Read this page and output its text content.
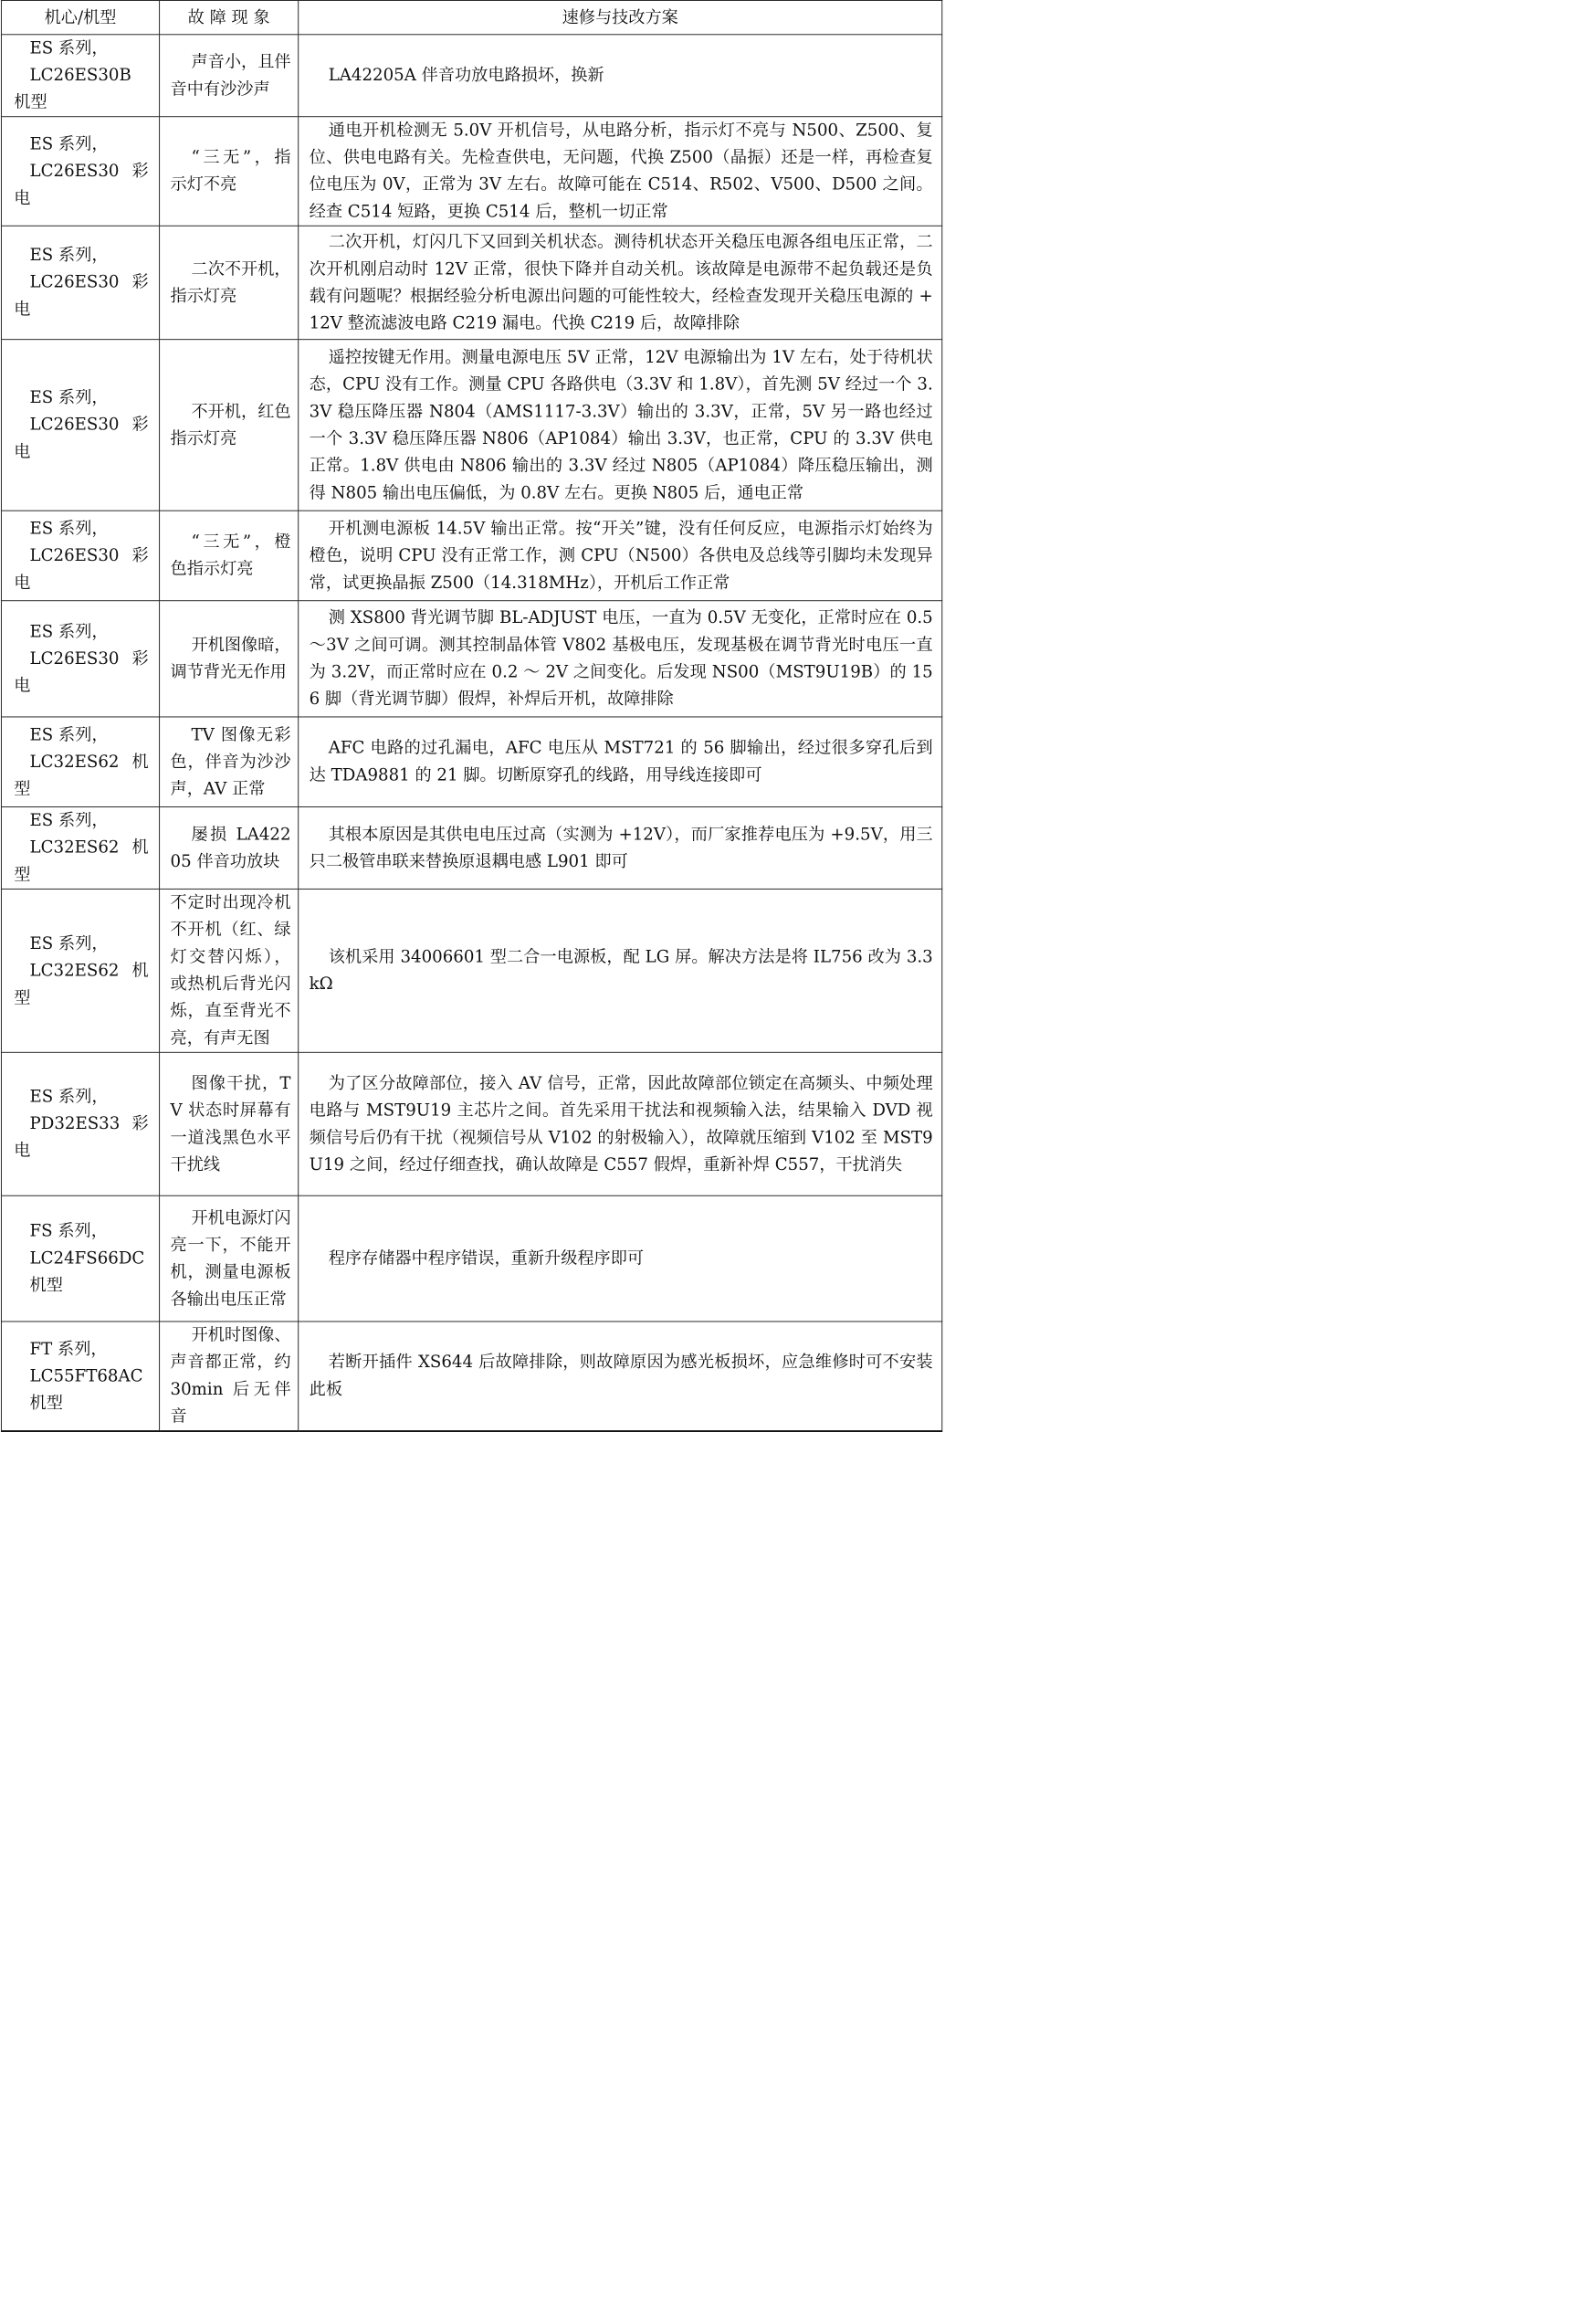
机心/机型	故 障 现 象	速修与技改方案

ES 系列，
LC26ES30B 机型	声音小，且伴音中有沙沙声	LA42205A 伴音功放电路损坏，换新

ES 系列，
LC26ES30 彩电	“三无”，指示灯不亮	通电开机检测无 5.0V 开机信号，从电路分析，指示灯不亮与 N500、Z500、复位、供电电路有关。先检查供电，无问题，代换 Z500（晶振）还是一样，再检查复位电压为 0V，正常为 3V 左右。故障可能在 C514、R502、V500、D500 之间。经查 C514 短路，更换 C514 后，整机一切正常

ES 系列，
LC26ES30 彩电	二次不开机，指示灯亮	二次开机，灯闪几下又回到关机状态。测待机状态开关稳压电源各组电压正常，二次开机刚启动时 12V 正常，很快下降并自动关机。该故障是电源带不起负载还是负载有问题呢？根据经验分析电源出问题的可能性较大，经检查发现开关稳压电源的 +12V 整流滤波电路 C219 漏电。代换 C219 后，故障排除

ES 系列，
LC26ES30 彩电	不开机，红色指示灯亮	遥控按键无作用。测量电源电压 5V 正常，12V 电源输出为 1V 左右，处于待机状态，CPU 没有工作。测量 CPU 各路供电（3.3V 和 1.8V），首先测 5V 经过一个 3.3V 稳压降压器 N804（AMS1117-3.3V）输出的 3.3V，正常，5V 另一路也经过一个 3.3V 稳压降压器 N806（AP1084）输出 3.3V，也正常，CPU 的 3.3V 供电正常。1.8V 供电由 N806 输出的 3.3V 经过 N805（AP1084）降压稳压输出，测得 N805 输出电压偏低，为 0.8V 左右。更换 N805 后，通电正常

ES 系列，
LC26ES30 彩电	“三无”，橙色指示灯亮	开机测电源板 14.5V 输出正常。按“开关”键，没有任何反应，电源指示灯始终为橙色，说明 CPU 没有正常工作，测 CPU（N500）各供电及总线等引脚均未发现异常，试更换晶振 Z500（14.318MHz），开机后工作正常

ES 系列，
LC26ES30 彩电	开机图像暗，调节背光无作用	测 XS800 背光调节脚 BL-ADJUST 电压，一直为 0.5V 无变化，正常时应在 0.5～3V 之间可调。测其控制晶体管 V802 基极电压，发现基极在调节背光时电压一直为 3.2V，而正常时应在 0.2 ～ 2V 之间变化。后发现 NS00（MST9U19B）的 156 脚（背光调节脚）假焊，补焊后开机，故障排除

ES 系列，
LC32ES62 机型	TV 图像无彩色，伴音为沙沙声，AV 正常	AFC 电路的过孔漏电，AFC 电压从 MST721 的 56 脚输出，经过很多穿孔后到达 TDA9881 的 21 脚。切断原穿孔的线路，用导线连接即可

ES 系列，
LC32ES62 机型	屡损 LA42205 伴音功放块	其根本原因是其供电电压过高（实测为 +12V），而厂家推荐电压为 +9.5V，用三只二极管串联来替换原退耦电感 L901 即可

ES 系列，
LC32ES62 机型	不定时出现冷机不开机（红、绿灯交替闪烁），或热机后背光闪烁，直至背光不亮，有声无图	该机采用 34006601 型二合一电源板，配 LG 屏。解决方法是将 IL756 改为 3.3kΩ

ES 系列，
PD32ES33 彩电	图像干扰，TV 状态时屏幕有一道浅黑色水平干扰线	为了区分故障部位，接入 AV 信号，正常，因此故障部位锁定在高频头、中频处理电路与 MST9U19 主芯片之间。首先采用干扰法和视频输入法，结果输入 DVD 视频信号后仍有干扰（视频信号从 V102 的射极输入），故障就压缩到 V102 至 MST9U19 之间，经过仔细查找，确认故障是 C557 假焊，重新补焊 C557，干扰消失

FS 系列，
LC24FS66DC
机型	开机电源灯闪亮一下，不能开机，测量电源板各输出电压正常	程序存储器中程序错误，重新升级程序即可

FT 系列，
LC55FT68AC
机型	开机时图像、声音都正常，约 30min 后无伴音	若断开插件 XS644 后故障排除，则故障原因为感光板损坏，应急维修时可不安装此板
